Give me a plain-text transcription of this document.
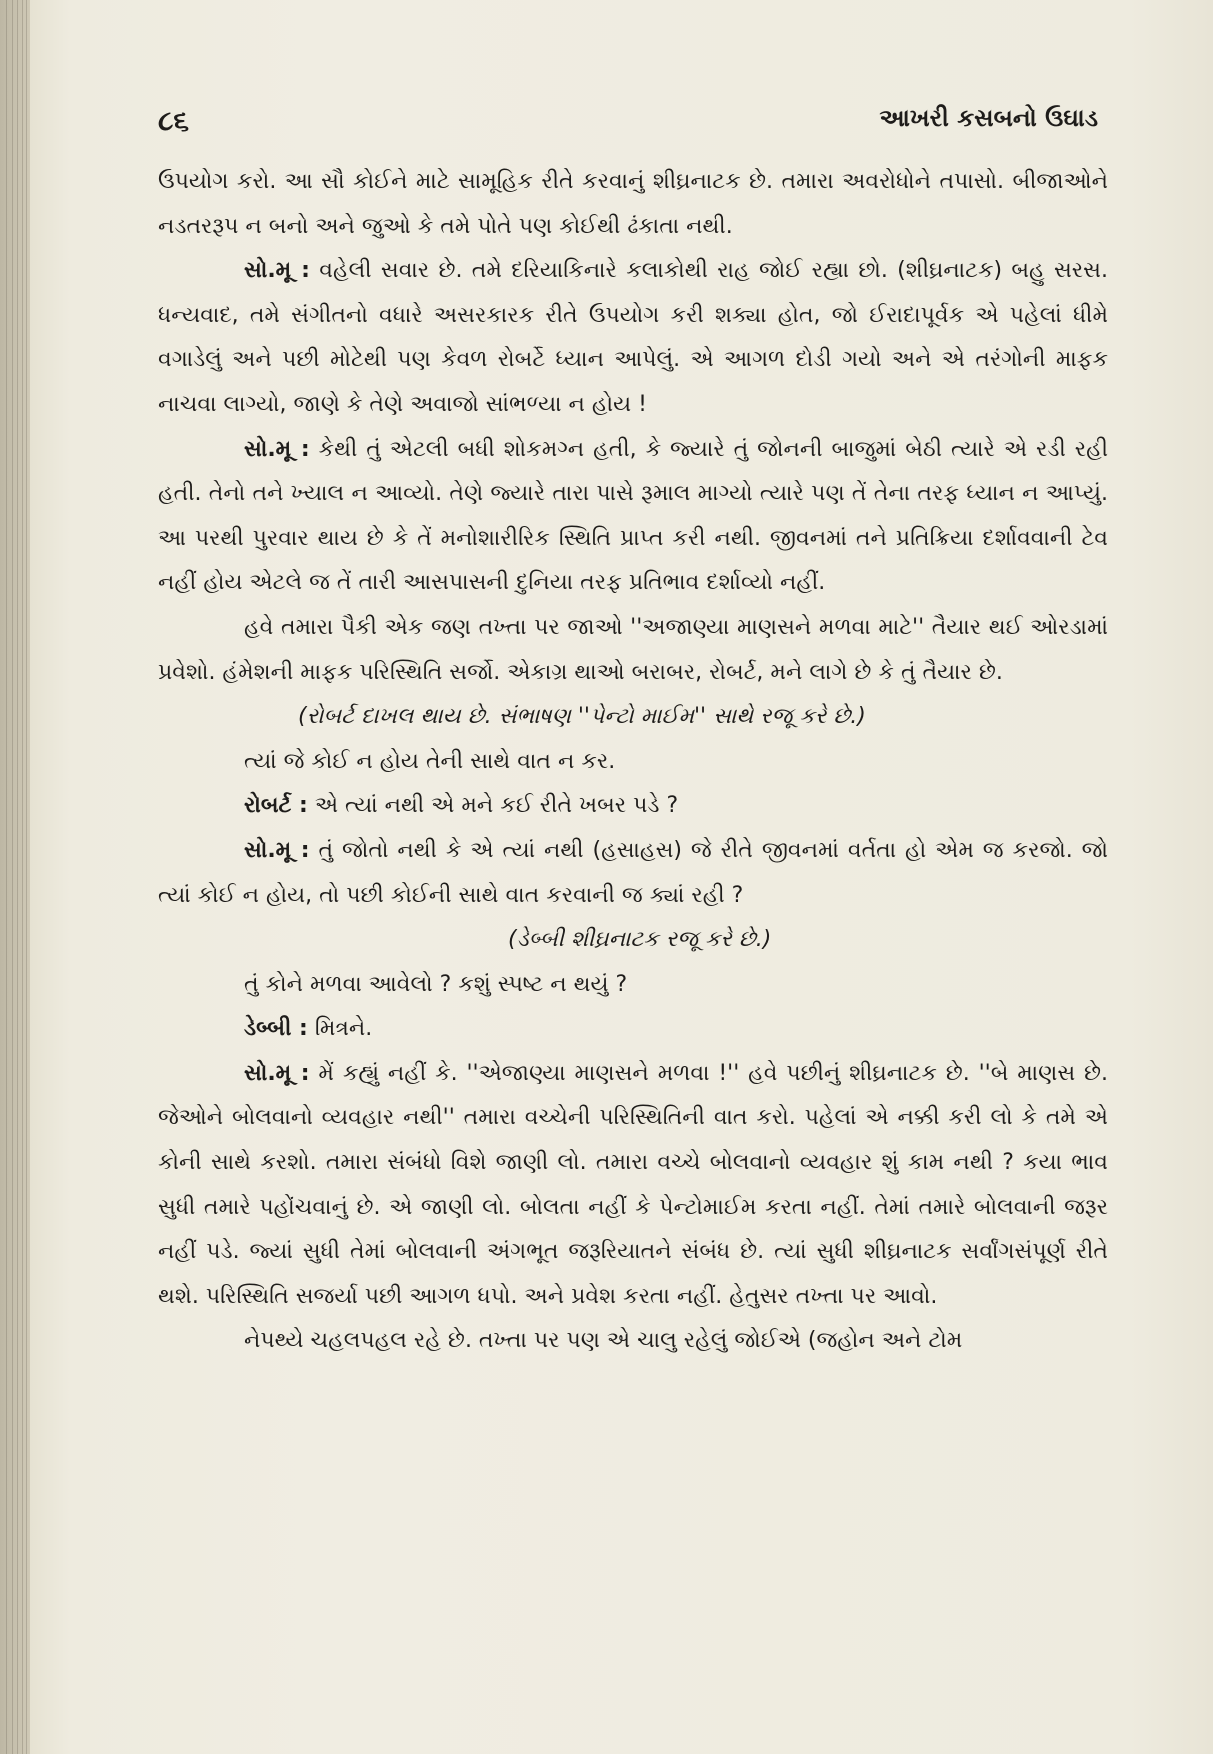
૮૬	આખરી કસબનો ઉઘાડ

ઉપયોગ કરો. આ સૌ કોઈને માટે સામૂહિક રીતે કરવાનું શીઘ્રનાટક છે. તમારા અવરોધોને તપાસો. બીજાઓને નડતરરૂપ ન બનો અને જુઓ કે તમે પોતે પણ કોઈથી ઢંકાતા નથી.

સો.મૂ : વહેલી સવાર છે. તમે દરિયાકિનારે કલાકોથી રાહ જોઈ રહ્યા છો. (શીઘ્રનાટક) બહુ સરસ. ધન્યવાદ, તમે સંગીતનો વધારે અસરકારક રીતે ઉપયોગ કરી શક્યા હોત, જો ઈરાદાપૂર્વક એ પહેલાં ધીમે વગાડેલું અને પછી મોટેથી પણ કેવળ રોબર્ટે ધ્યાન આપેલું. એ આગળ દોડી ગયો અને એ તરંગોની માફક નાચવા લાગ્યો, જાણે કે તેણે અવાજો સાંભળ્યા ન હોય !

સો.મૂ : કેથી તું એટલી બધી શોકમગ્ન હતી, કે જ્યારે તું જોનની બાજુમાં બેઠી ત્યારે એ રડી રહી હતી. તેનો તને ખ્યાલ ન આવ્યો. તેણે જ્યારે તારા પાસે રૂમાલ માગ્યો ત્યારે પણ તેં તેના તરફ ધ્યાન ન આપ્યું. આ પરથી પુરવાર થાય છે કે તેં મનોશારીરિક સ્થિતિ પ્રાપ્ત કરી નથી. જીવનમાં તને પ્રતિક્રિયા દર્શાવવાની ટેવ નહીં હોય એટલે જ તેં તારી આસપાસની દુનિયા તરફ પ્રતિભાવ દર્શાવ્યો નહીં.

હવે તમારા પૈકી એક જણ તખ્તા પર જાઓ ''અજાણ્યા માણસને મળવા માટે'' તૈયાર થઈ ઓરડામાં પ્રવેશો. હંમેશની માફક પરિસ્થિતિ સર્જો. એકાગ્ર થાઓ બરાબર, રોબર્ટ, મને લાગે છે કે તું તૈયાર છે.

(રોબર્ટ દાખલ થાય છે. સંભાષણ ''પેન્ટો માઈમ'' સાથે રજૂ કરે છે.)

ત્યાં જે કોઈ ન હોય તેની સાથે વાત ન કર.

રોબર્ટ : એ ત્યાં નથી એ મને કઈ રીતે ખબર પડે ?

સો.મૂ : તું જોતો નથી કે એ ત્યાં નથી (હસાહસ) જે રીતે જીવનમાં વર્તતા હો એમ જ કરજો. જો ત્યાં કોઈ ન હોય, તો પછી કોઈની સાથે વાત કરવાની જ ક્યાં રહી ?

(ડેબ્બી શીઘ્રનાટક રજૂ કરે છે.)

તું કોને મળવા આવેલો ? કશું સ્પષ્ટ ન થયું ?

ડેબ્બી : મિત્રને.

સો.મૂ : મેં કહ્યું નહીં કે. ''એજાણ્યા માણસને મળવા !'' હવે પછીનું શીઘ્રનાટક છે. ''બે માણસ છે. જેઓને બોલવાનો વ્યવહાર નથી'' તમારા વચ્ચેની પરિસ્થિતિની વાત કરો. પહેલાં એ નક્કી કરી લો કે તમે એ કોની સાથે કરશો. તમારા સંબંધો વિશે જાણી લો. તમારા વચ્ચે બોલવાનો વ્યવહાર શું કામ નથી ? કયા ભાવ સુધી તમારે પહોંચવાનું છે. એ જાણી લો. બોલતા નહીં કે પેન્ટોમાઈમ કરતા નહીં. તેમાં તમારે બોલવાની જરૂર નહીં પડે. જ્યાં સુધી તેમાં બોલવાની અંગભૂત જરૂરિયાતને સંબંધ છે. ત્યાં સુધી શીઘ્રનાટક સર્વાંગસંપૂર્ણ રીતે થશે. પરિસ્થિતિ સજર્યા પછી આગળ ધપો. અને પ્રવેશ કરતા નહીં. હેતુસર તખ્તા પર આવો.

નેપથ્યે ચહલપહલ રહે છે. તખ્તા પર પણ એ ચાલુ રહેલું જોઈએ (જહોન અને ટોમ
